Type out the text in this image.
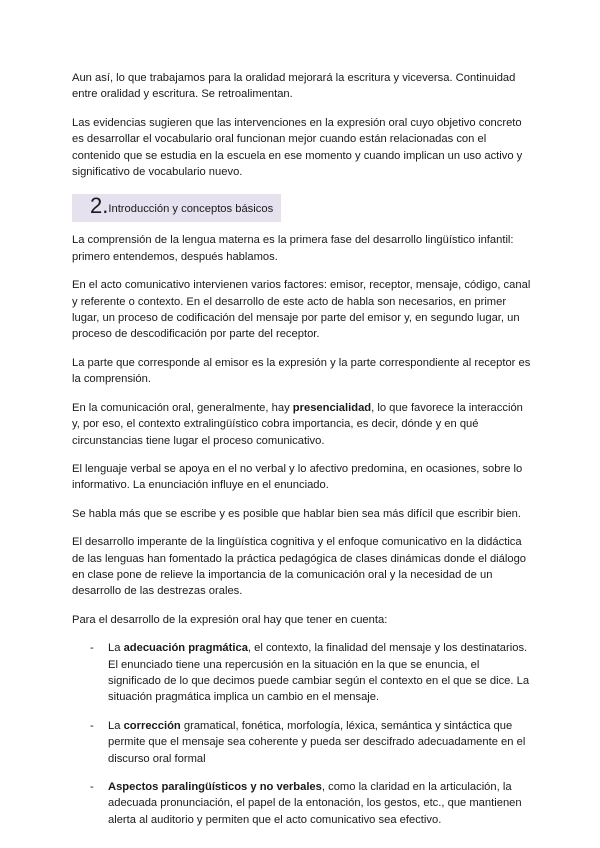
Aun así, lo que trabajamos para la oralidad mejorará la escritura y viceversa. Continuidad entre oralidad y escritura. Se retroalimentan.

Las evidencias sugieren que las intervenciones en la expresión oral cuyo objetivo concreto es desarrollar el vocabulario oral funcionan mejor cuando están relacionadas con el contenido que se estudia en la escuela en ese momento y cuando implican un uso activo y significativo de vocabulario nuevo.

2.Introducción y conceptos básicos

La comprensión de la lengua materna es la primera fase del desarrollo lingüístico infantil: primero entendemos, después hablamos.

En el acto comunicativo intervienen varios factores: emisor, receptor, mensaje, código, canal y referente o contexto. En el desarrollo de este acto de habla son necesarios, en primer lugar, un proceso de codificación del mensaje por parte del emisor y, en segundo lugar, un proceso de descodificación por parte del receptor.

La parte que corresponde al emisor es la expresión y la parte correspondiente al receptor es la comprensión.

En la comunicación oral, generalmente, hay presencialidad, lo que favorece la interacción y, por eso, el contexto extralingüístico cobra importancia, es decir, dónde y en qué circunstancias tiene lugar el proceso comunicativo.

El lenguaje verbal se apoya en el no verbal y lo afectivo predomina, en ocasiones, sobre lo informativo. La enunciación influye en el enunciado.

Se habla más que se escribe y es posible que hablar bien sea más difícil que escribir bien.

El desarrollo imperante de la lingüística cognitiva y el enfoque comunicativo en la didáctica de las lenguas han fomentado la práctica pedagógica de clases dinámicas donde el diálogo en clase pone de relieve la importancia de la comunicación oral y la necesidad de un desarrollo de las destrezas orales.

Para el desarrollo de la expresión oral hay que tener en cuenta:

- La adecuación pragmática, el contexto, la finalidad del mensaje y los destinatarios. El enunciado tiene una repercusión en la situación en la que se enuncia, el significado de lo que decimos puede cambiar según el contexto en el que se dice. La situación pragmática implica un cambio en el mensaje.
- La corrección gramatical, fonética, morfología, léxica, semántica y sintáctica que permite que el mensaje sea coherente y pueda ser descifrado adecuadamente en el discurso oral formal
- Aspectos paralingüísticos y no verbales, como la claridad en la articulación, la adecuada pronunciación, el papel de la entonación, los gestos, etc., que mantienen alerta al auditorio y permiten que el acto comunicativo sea efectivo.
